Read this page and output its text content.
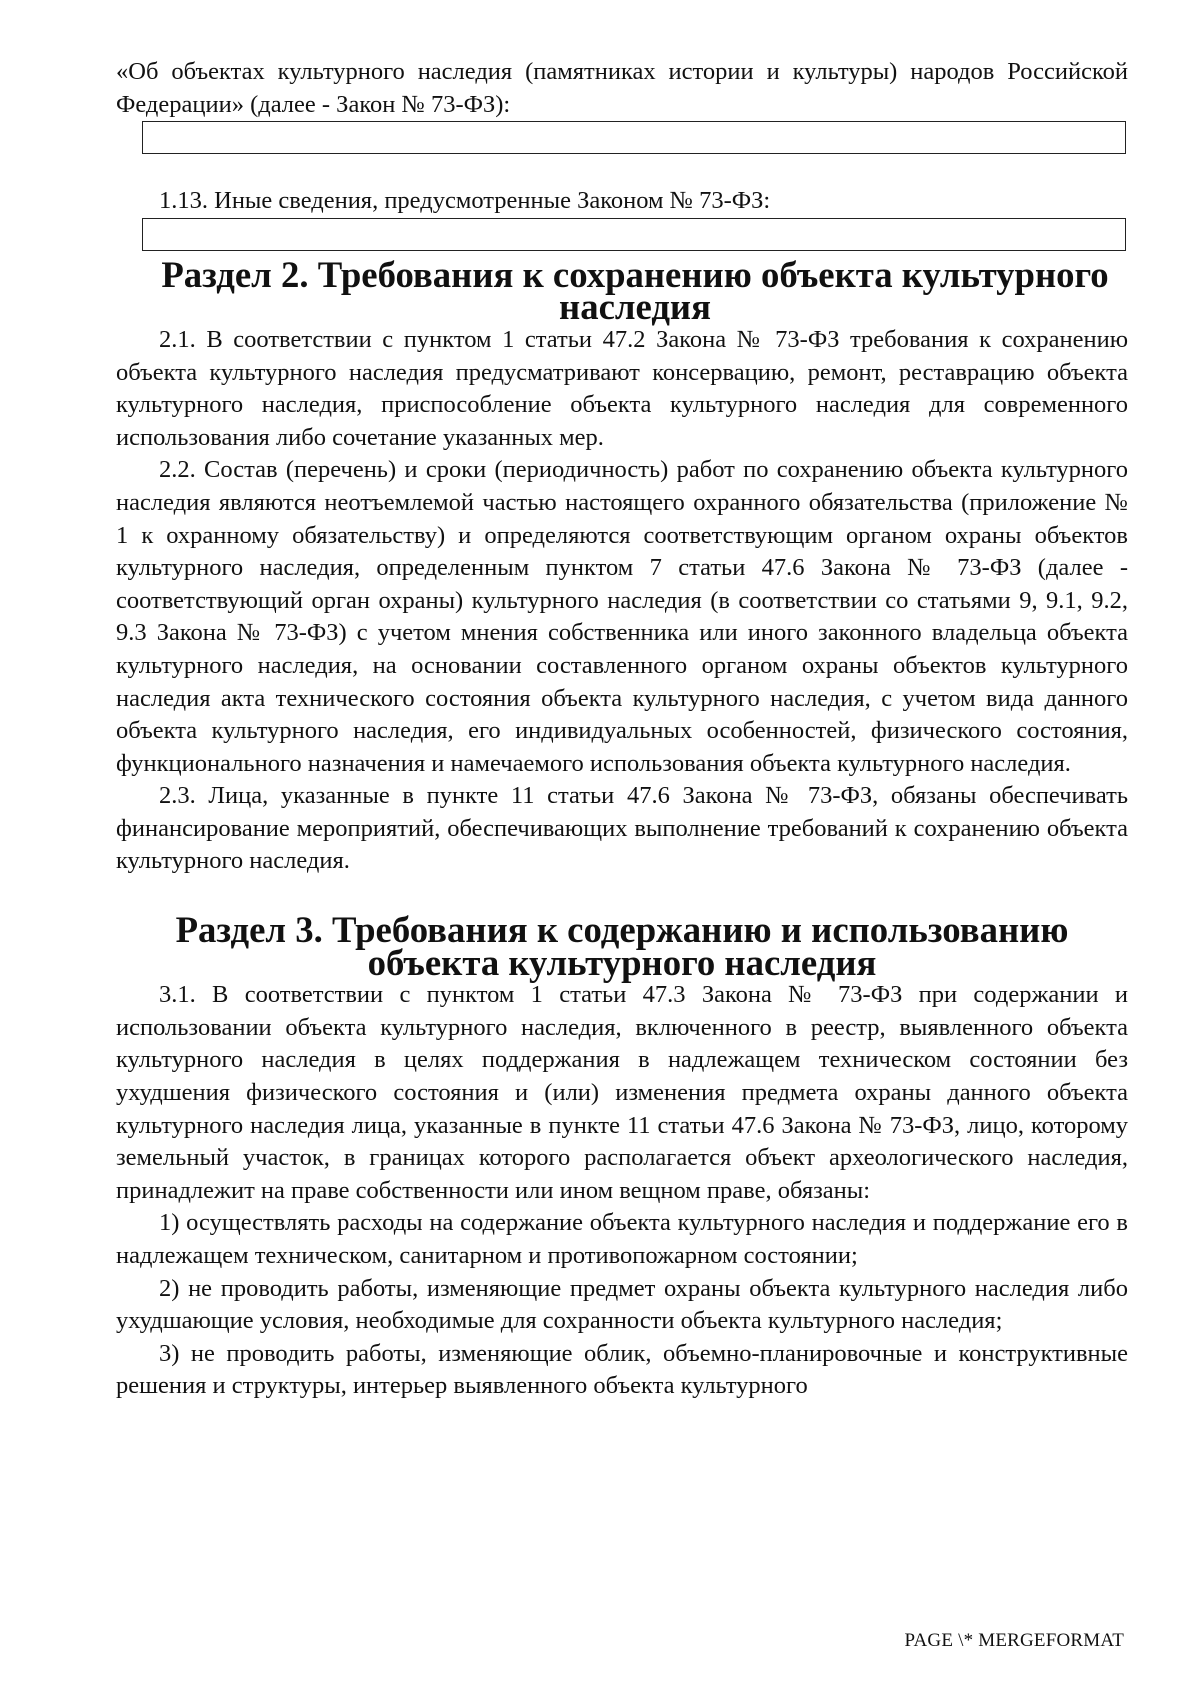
«Об объектах культурного наследия (памятниках истории и культуры) народов Российской Федерации» (далее - Закон № 73-ФЗ):

1.13. Иные сведения, предусмотренные Законом № 73-ФЗ:

Раздел 2. Требования к сохранению объекта культурного наследия

2.1. В соответствии с пунктом 1 статьи 47.2 Закона № 73-ФЗ требования к сохранению объекта культурного наследия предусматривают консервацию, ремонт, реставрацию объекта культурного наследия, приспособление объекта культурного наследия для современного использования либо сочетание указанных мер.

2.2. Состав (перечень) и сроки (периодичность) работ по сохранению объекта культурного наследия являются неотъемлемой частью настоящего охранного обязательства (приложение № 1 к охранному обязательству) и определяются соответствующим органом охраны объектов культурного наследия, определенным пунктом 7 статьи 47.6 Закона № 73-ФЗ (далее - соответствующий орган охраны) культурного наследия (в соответствии со статьями 9, 9.1, 9.2, 9.3 Закона № 73-ФЗ) с учетом мнения собственника или иного законного владельца объекта культурного наследия, на основании составленного органом охраны объектов культурного наследия акта технического состояния объекта культурного наследия, с учетом вида данного объекта культурного наследия, его индивидуальных особенностей, физического состояния, функционального назначения и намечаемого использования объекта культурного наследия.

2.3. Лица, указанные в пункте 11 статьи 47.6 Закона № 73-ФЗ, обязаны обеспечивать финансирование мероприятий, обеспечивающих выполнение требований к сохранению объекта культурного наследия.

Раздел 3. Требования к содержанию и использованию объекта культурного наследия

3.1. В соответствии с пунктом 1 статьи 47.3 Закона № 73-ФЗ при содержании и использовании объекта культурного наследия, включенного в реестр, выявленного объекта культурного наследия в целях поддержания в надлежащем техническом состоянии без ухудшения физического состояния и (или) изменения предмета охраны данного объекта культурного наследия лица, указанные в пункте 11 статьи 47.6 Закона № 73-ФЗ, лицо, которому земельный участок, в границах которого располагается объект археологического наследия, принадлежит на праве собственности или ином вещном праве, обязаны:

1) осуществлять расходы на содержание объекта культурного наследия и поддержание его в надлежащем техническом, санитарном и противопожарном состоянии;

2) не проводить работы, изменяющие предмет охраны объекта культурного наследия либо ухудшающие условия, необходимые для сохранности объекта культурного наследия;

3) не проводить работы, изменяющие облик, объемно-планировочные и конструктивные решения и структуры, интерьер выявленного объекта культурного

PAGE \* MERGEFORMAT
